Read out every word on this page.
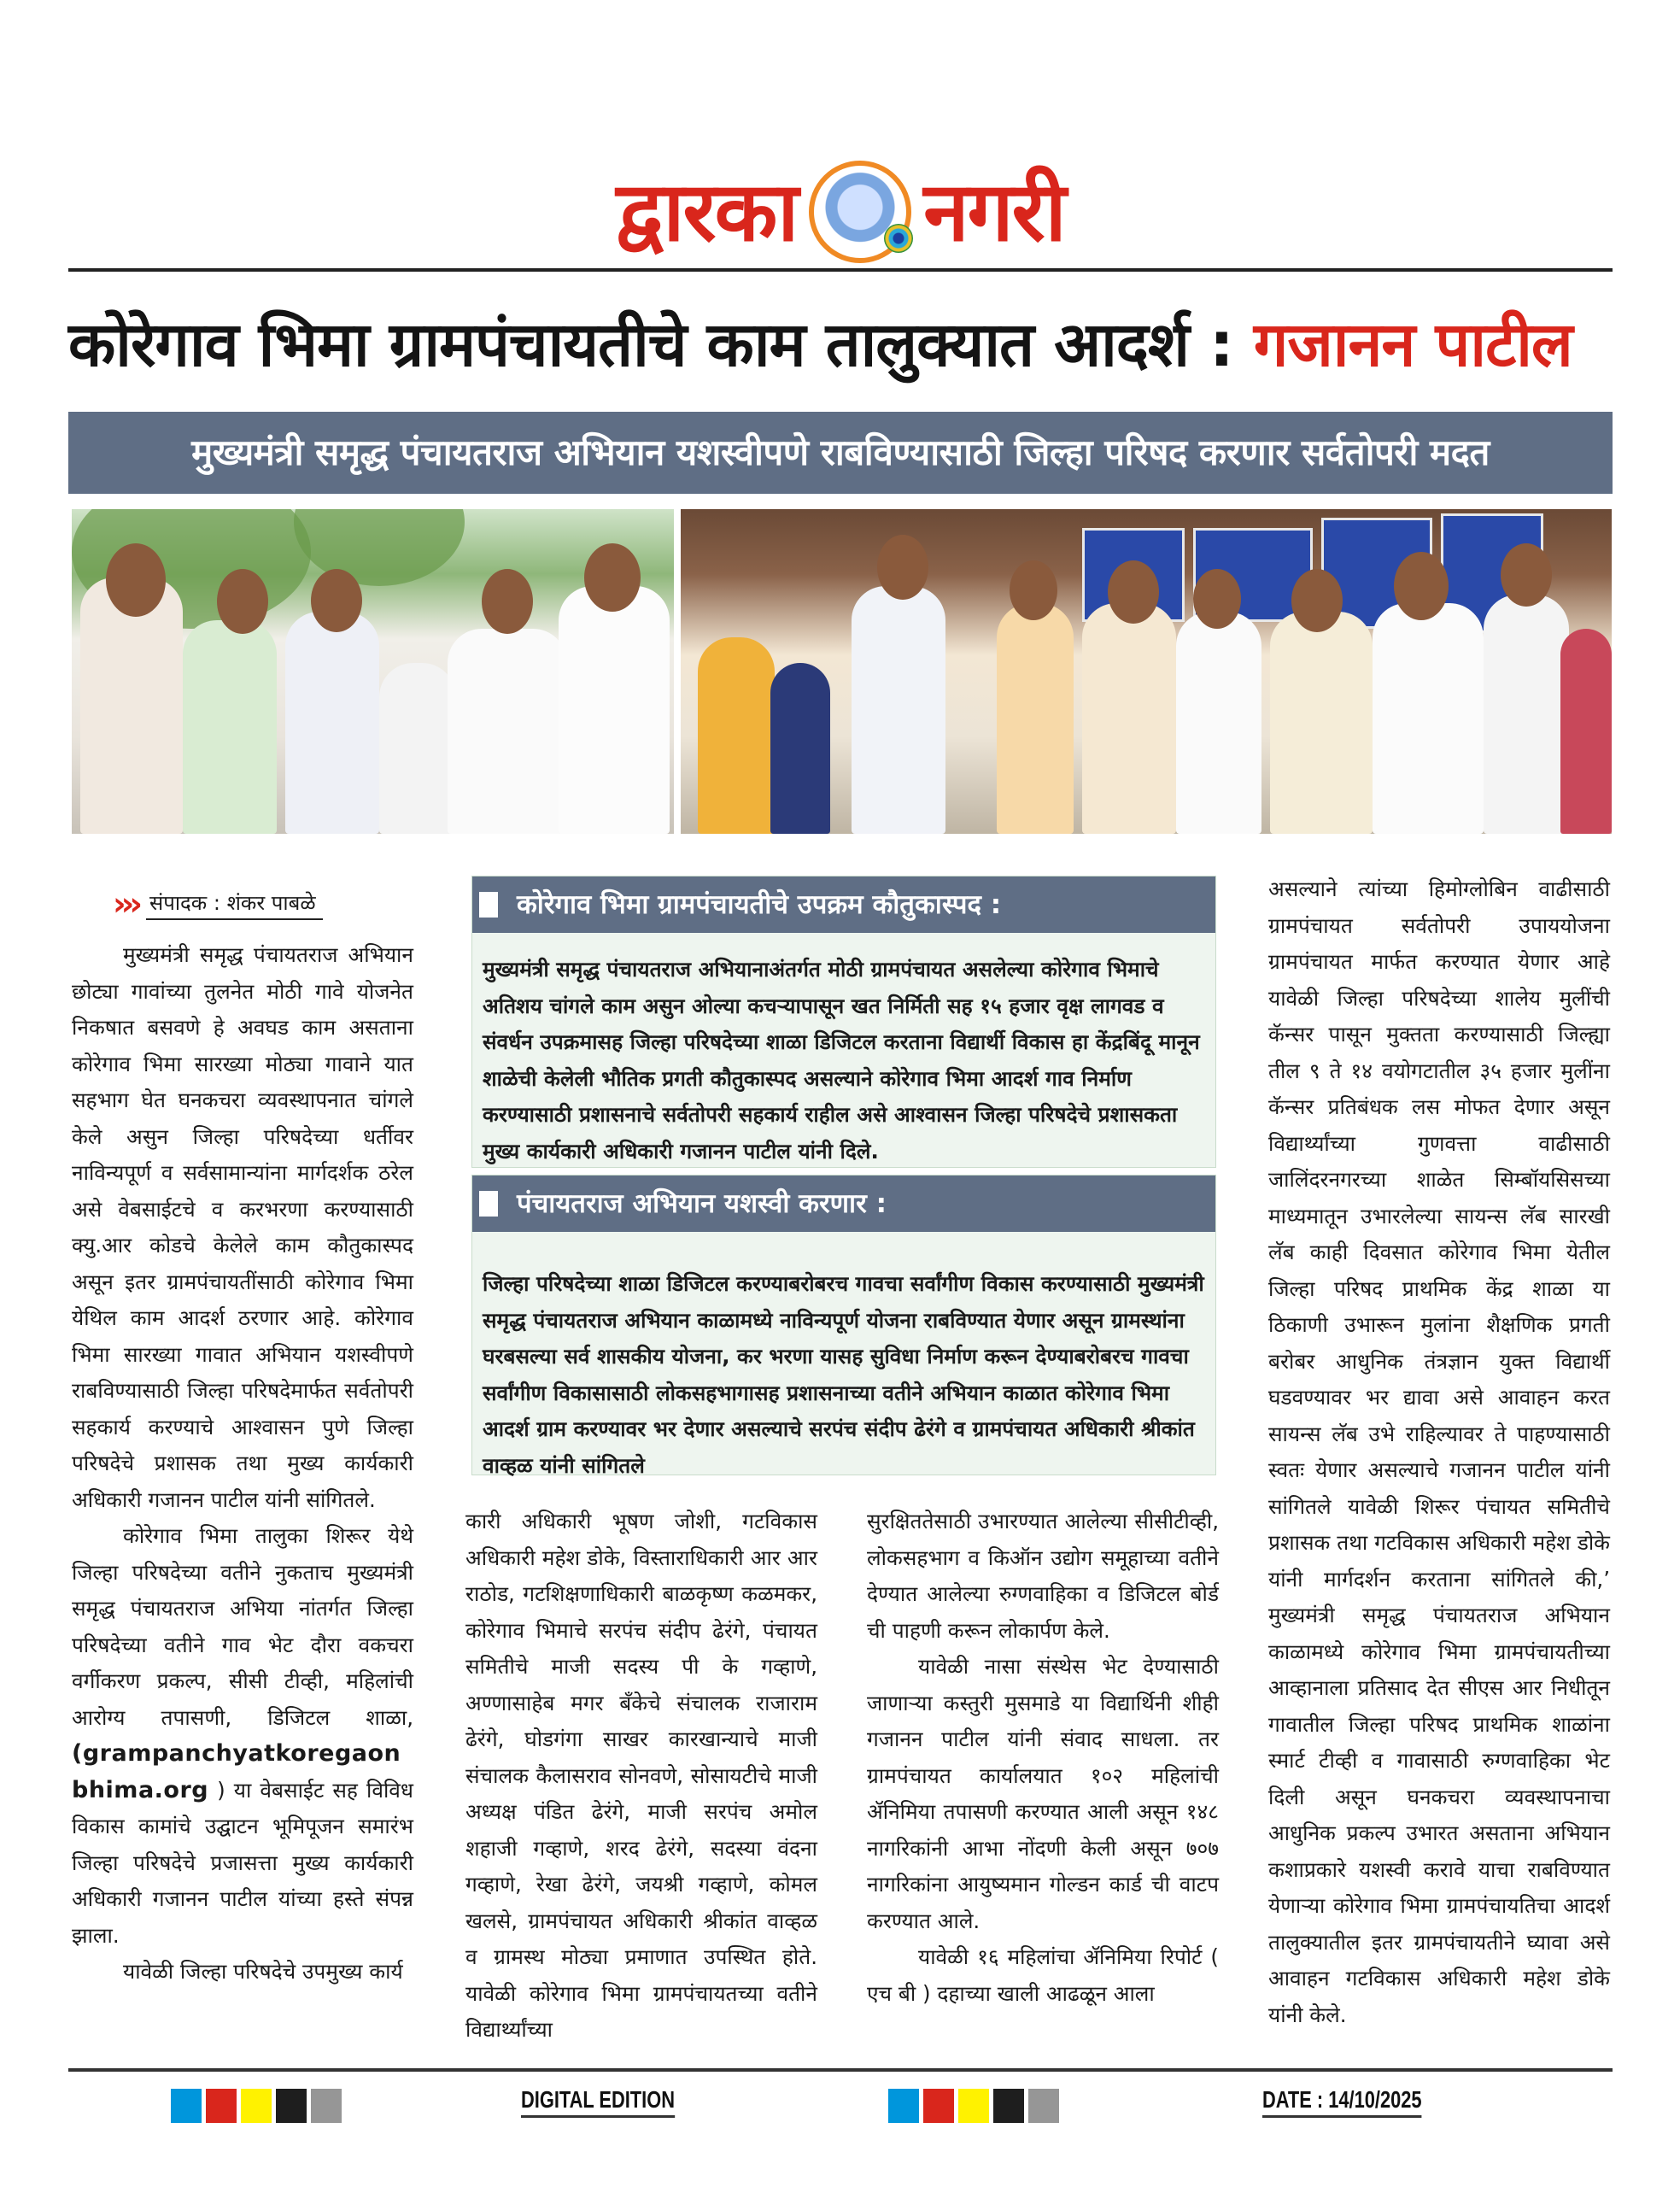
द्वारका नगरी
कोरेगाव भिमा ग्रामपंचायतीचे काम तालुक्यात आदर्श : गजानन पाटील
मुख्यमंत्री समृद्ध पंचायतराज अभियान यशस्वीपणे राबविण्यासाठी जिल्हा परिषद करणार सर्वतोपरी मदत
››› संपादक : शंकर पाबळे

मुख्यमंत्री समृद्ध पंचायतराज अभियान छोट्या गावांच्या तुलनेत मोठी गावे योजनेत निकषात बसवणे हे अवघड काम असताना कोरेगाव भिमा सारख्या मोठ्या गावाने यात सहभाग घेत घनकचरा व्यवस्थापनात चांगले केले असुन जिल्हा परिषदेच्या धर्तीवर नाविन्यपूर्ण व सर्वसामान्यांना मार्गदर्शक ठरेल असे वेबसाईटचे व करभरणा करण्यासाठी क्यु.आर कोडचे केलेले काम कौतुकास्पद असून इतर ग्रामपंचायतींसाठी कोरेगाव भिमा येथिल काम आदर्श ठरणार आहे. कोरेगाव भिमा सारख्या गावात अभियान यशस्वीपणे राबविण्यासाठी जिल्हा परिषदेमार्फत सर्वतोपरी सहकार्य करण्याचे आश्वासन पुणे जिल्हा परिषदेचे प्रशासक तथा मुख्य कार्यकारी अधिकारी गजानन पाटील यांनी सांगितले.

कोरेगाव भिमा तालुका शिरूर येथे जिल्हा परिषदेच्या वतीने नुकताच मुख्यमंत्री समृद्ध पंचायतराज अभिया नांतर्गत जिल्हा परिषदेच्या वतीने गाव भेट दौरा वकचरा वर्गीकरण प्रकल्प, सीसी टीव्ही, महिलांची आरोग्य तपासणी, डिजिटल शाळा, (grampanchyatkoregaon bhima.org ) या वेबसाईट सह विविध विकास कामांचे उद्घाटन भूमिपूजन समारंभ जिल्हा परिषदेचे प्रजासत्ता मुख्य कार्यकारी अधिकारी गजानन पाटील यांच्या हस्ते संपन्न झाला.

यावेळी जिल्हा परिषदेचे उपमुख्य कार्य

कोरेगाव भिमा ग्रामपंचायतीचे उपक्रम कौतुकास्पद :
मुख्यमंत्री समृद्ध पंचायतराज अभियानाअंतर्गत मोठी ग्रामपंचायत असलेल्या कोरेगाव भिमाचे अतिशय चांगले काम असुन ओल्या कचऱ्यापासून खत निर्मिती सह १५ हजार वृक्ष लागवड व संवर्धन उपक्रमासह जिल्हा परिषदेच्या शाळा डिजिटल करताना विद्यार्थी विकास हा केंद्रबिंदू मानून शाळेची केलेली भौतिक प्रगती कौतुकास्पद असल्याने कोरेगाव भिमा आदर्श गाव निर्माण करण्यासाठी प्रशासनाचे सर्वतोपरी सहकार्य राहील असे आश्वासन जिल्हा परिषदेचे प्रशासकता मुख्य कार्यकारी अधिकारी गजानन पाटील यांनी दिले.
पंचायतराज अभियान यशस्वी करणार :
जिल्हा परिषदेच्या शाळा डिजिटल करण्याबरोबरच गावचा सर्वांगीण विकास करण्यासाठी मुख्यमंत्री समृद्ध पंचायतराज अभियान काळामध्ये नाविन्यपूर्ण योजना राबविण्यात येणार असून ग्रामस्थांना घरबसल्या सर्व शासकीय योजना, कर भरणा यासह सुविधा निर्माण करून देण्याबरोबरच गावचा सर्वांगीण विकासासाठी लोकसहभागासह प्रशासनाच्या वतीने अभियान काळात कोरेगाव भिमा आदर्श ग्राम करण्यावर भर देणार असल्याचे सरपंच संदीप ढेरंगे व ग्रामपंचायत अधिकारी श्रीकांत वाव्हळ यांनी सांगितले

कारी अधिकारी भूषण जोशी, गटविकास अधिकारी महेश डोके, विस्ताराधिकारी आर आर राठोड, गटशिक्षणाधिकारी बाळकृष्ण कळमकर, कोरेगाव भिमाचे सरपंच संदीप ढेरंगे, पंचायत समितीचे माजी सदस्य पी के गव्हाणे, अण्णासाहेब मगर बँकेचे संचालक राजाराम ढेरंगे, घोडगंगा साखर कारखान्याचे माजी संचालक कैलासराव सोनवणे, सोसायटीचे माजी अध्यक्ष पंडित ढेरंगे, माजी सरपंच अमोल शहाजी गव्हाणे, शरद ढेरंगे, सदस्या वंदना गव्हाणे, रेखा ढेरंगे, जयश्री गव्हाणे, कोमल खलसे, ग्रामपंचायत अधिकारी श्रीकांत वाव्हळ व ग्रामस्थ मोठ्या प्रमाणात उपस्थित होते. यावेळी कोरेगाव भिमा ग्रामपंचायतच्या वतीने विद्यार्थ्यांच्या

सुरक्षिततेसाठी उभारण्यात आलेल्या सीसीटीव्ही, लोकसहभाग व किऑन उद्योग समूहाच्या वतीने देण्यात आलेल्या रुग्णवाहिका व डिजिटल बोर्ड ची पाहणी करून लोकार्पण केले.

यावेळी नासा संस्थेस भेट देण्यासाठी जाणाऱ्या कस्तुरी मुसमाडे या विद्यार्थिनी शीही गजानन पाटील यांनी संवाद साधला. तर ग्रामपंचायत कार्यालयात १०२ महिलांची ॲनिमिया तपासणी करण्यात आली असून १४८ नागरिकांनी आभा नोंदणी केली असून ७०७ नागरिकांना आयुष्यमान गोल्डन कार्ड ची वाटप करण्यात आले.

यावेळी १६ महिलांचा ॲनिमिया रिपोर्ट ( एच बी ) दहाच्या खाली आढळून आला

असल्याने त्यांच्या हिमोग्लोबिन वाढीसाठी ग्रामपंचायत सर्वतोपरी उपाययोजना ग्रामपंचायत मार्फत करण्यात येणार आहे यावेळी जिल्हा परिषदेच्या शालेय मुलींची कॅन्सर पासून मुक्तता करण्यासाठी जिल्ह्या तील ९ ते १४ वयोगटातील ३५ हजार मुलींना कॅन्सर प्रतिबंधक लस मोफत देणार असून विद्यार्थ्यांच्या गुणवत्ता वाढीसाठी जालिंदरनगरच्या शाळेत सिम्बॉयसिसच्या माध्यमातून उभारलेल्या सायन्स लॅब सारखी लॅब काही दिवसात कोरेगाव भिमा येतील जिल्हा परिषद प्राथमिक केंद्र शाळा या ठिकाणी उभारून मुलांना शैक्षणिक प्रगती बरोबर आधुनिक तंत्रज्ञान युक्त विद्यार्थी घडवण्यावर भर द्यावा असे आवाहन करत सायन्स लॅब उभे राहिल्यावर ते पाहण्यासाठी स्वतः येणार असल्याचे गजानन पाटील यांनी सांगितले यावेळी शिरूर पंचायत समितीचे प्रशासक तथा गटविकास अधिकारी महेश डोके यांनी मार्गदर्शन करताना सांगितले की,’ मुख्यमंत्री समृद्ध पंचायतराज अभियान काळामध्ये कोरेगाव भिमा ग्रामपंचायतीच्या आव्हानाला प्रतिसाद देत सीएस आर निधीतून गावातील जिल्हा परिषद प्राथमिक शाळांना स्मार्ट टीव्ही व गावासाठी रुग्णवाहिका भेट दिली असून घनकचरा व्यवस्थापनाचा आधुनिक प्रकल्प उभारत असताना अभियान कशाप्रकारे यशस्वी करावे याचा राबविण्यात येणाऱ्या कोरेगाव भिमा ग्रामपंचायतिचा आदर्श तालुक्यातील इतर ग्रामपंचायतीने घ्यावा असे आवाहन गटविकास अधिकारी महेश डोके यांनी केले.

DIGITAL EDITION	DATE : 14/10/2025
